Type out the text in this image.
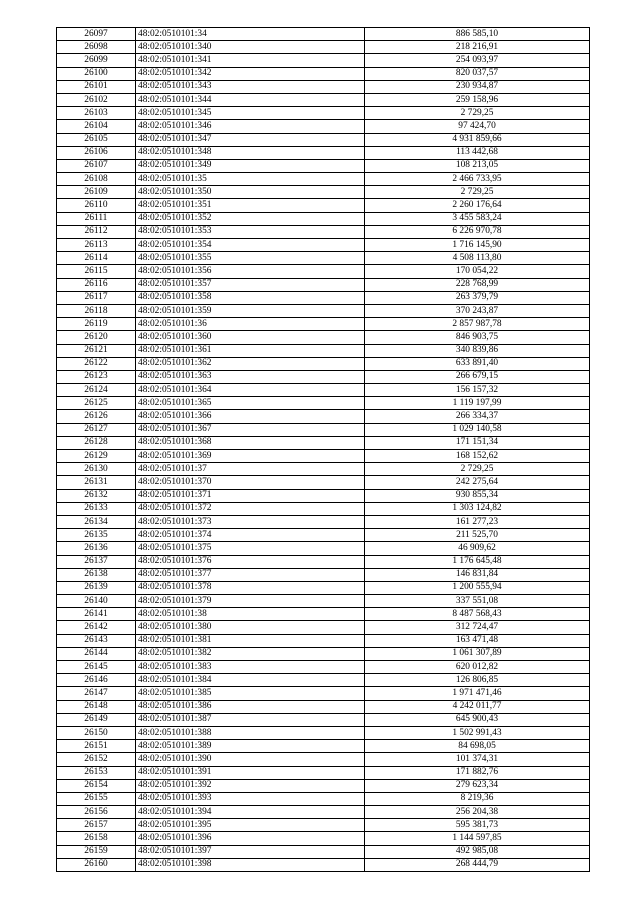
26097	48:02:0510101:34	886 585,10
26098	48:02:0510101:340	218 216,91
26099	48:02:0510101:341	254 093,97
26100	48:02:0510101:342	820 037,57
26101	48:02:0510101:343	230 934,87
26102	48:02:0510101:344	259 158,96
26103	48:02:0510101:345	2 729,25
26104	48:02:0510101:346	97 424,70
26105	48:02:0510101:347	4 931 859,66
26106	48:02:0510101:348	113 442,68
26107	48:02:0510101:349	108 213,05
26108	48:02:0510101:35	2 466 733,95
26109	48:02:0510101:350	2 729,25
26110	48:02:0510101:351	2 260 176,64
26111	48:02:0510101:352	3 455 583,24
26112	48:02:0510101:353	6 226 970,78
26113	48:02:0510101:354	1 716 145,90
26114	48:02:0510101:355	4 508 113,80
26115	48:02:0510101:356	170 054,22
26116	48:02:0510101:357	228 768,99
26117	48:02:0510101:358	263 379,79
26118	48:02:0510101:359	370 243,87
26119	48:02:0510101:36	2 857 987,78
26120	48:02:0510101:360	846 903,75
26121	48:02:0510101:361	340 839,86
26122	48:02:0510101:362	633 891,40
26123	48:02:0510101:363	266 679,15
26124	48:02:0510101:364	156 157,32
26125	48:02:0510101:365	1 119 197,99
26126	48:02:0510101:366	266 334,37
26127	48:02:0510101:367	1 029 140,58
26128	48:02:0510101:368	171 151,34
26129	48:02:0510101:369	168 152,62
26130	48:02:0510101:37	2 729,25
26131	48:02:0510101:370	242 275,64
26132	48:02:0510101:371	930 855,34
26133	48:02:0510101:372	1 303 124,82
26134	48:02:0510101:373	161 277,23
26135	48:02:0510101:374	211 525,70
26136	48:02:0510101:375	46 909,62
26137	48:02:0510101:376	1 176 645,48
26138	48:02:0510101:377	146 831,84
26139	48:02:0510101:378	1 200 555,94
26140	48:02:0510101:379	337 551,08
26141	48:02:0510101:38	8 487 568,43
26142	48:02:0510101:380	312 724,47
26143	48:02:0510101:381	163 471,48
26144	48:02:0510101:382	1 061 307,89
26145	48:02:0510101:383	620 012,82
26146	48:02:0510101:384	126 806,85
26147	48:02:0510101:385	1 971 471,46
26148	48:02:0510101:386	4 242 011,77
26149	48:02:0510101:387	645 900,43
26150	48:02:0510101:388	1 502 991,43
26151	48:02:0510101:389	84 698,05
26152	48:02:0510101:390	101 374,31
26153	48:02:0510101:391	171 882,76
26154	48:02:0510101:392	279 623,34
26155	48:02:0510101:393	8 219,36
26156	48:02:0510101:394	256 204,38
26157	48:02:0510101:395	595 381,73
26158	48:02:0510101:396	1 144 597,85
26159	48:02:0510101:397	492 985,08
26160	48:02:0510101:398	268 444,79
